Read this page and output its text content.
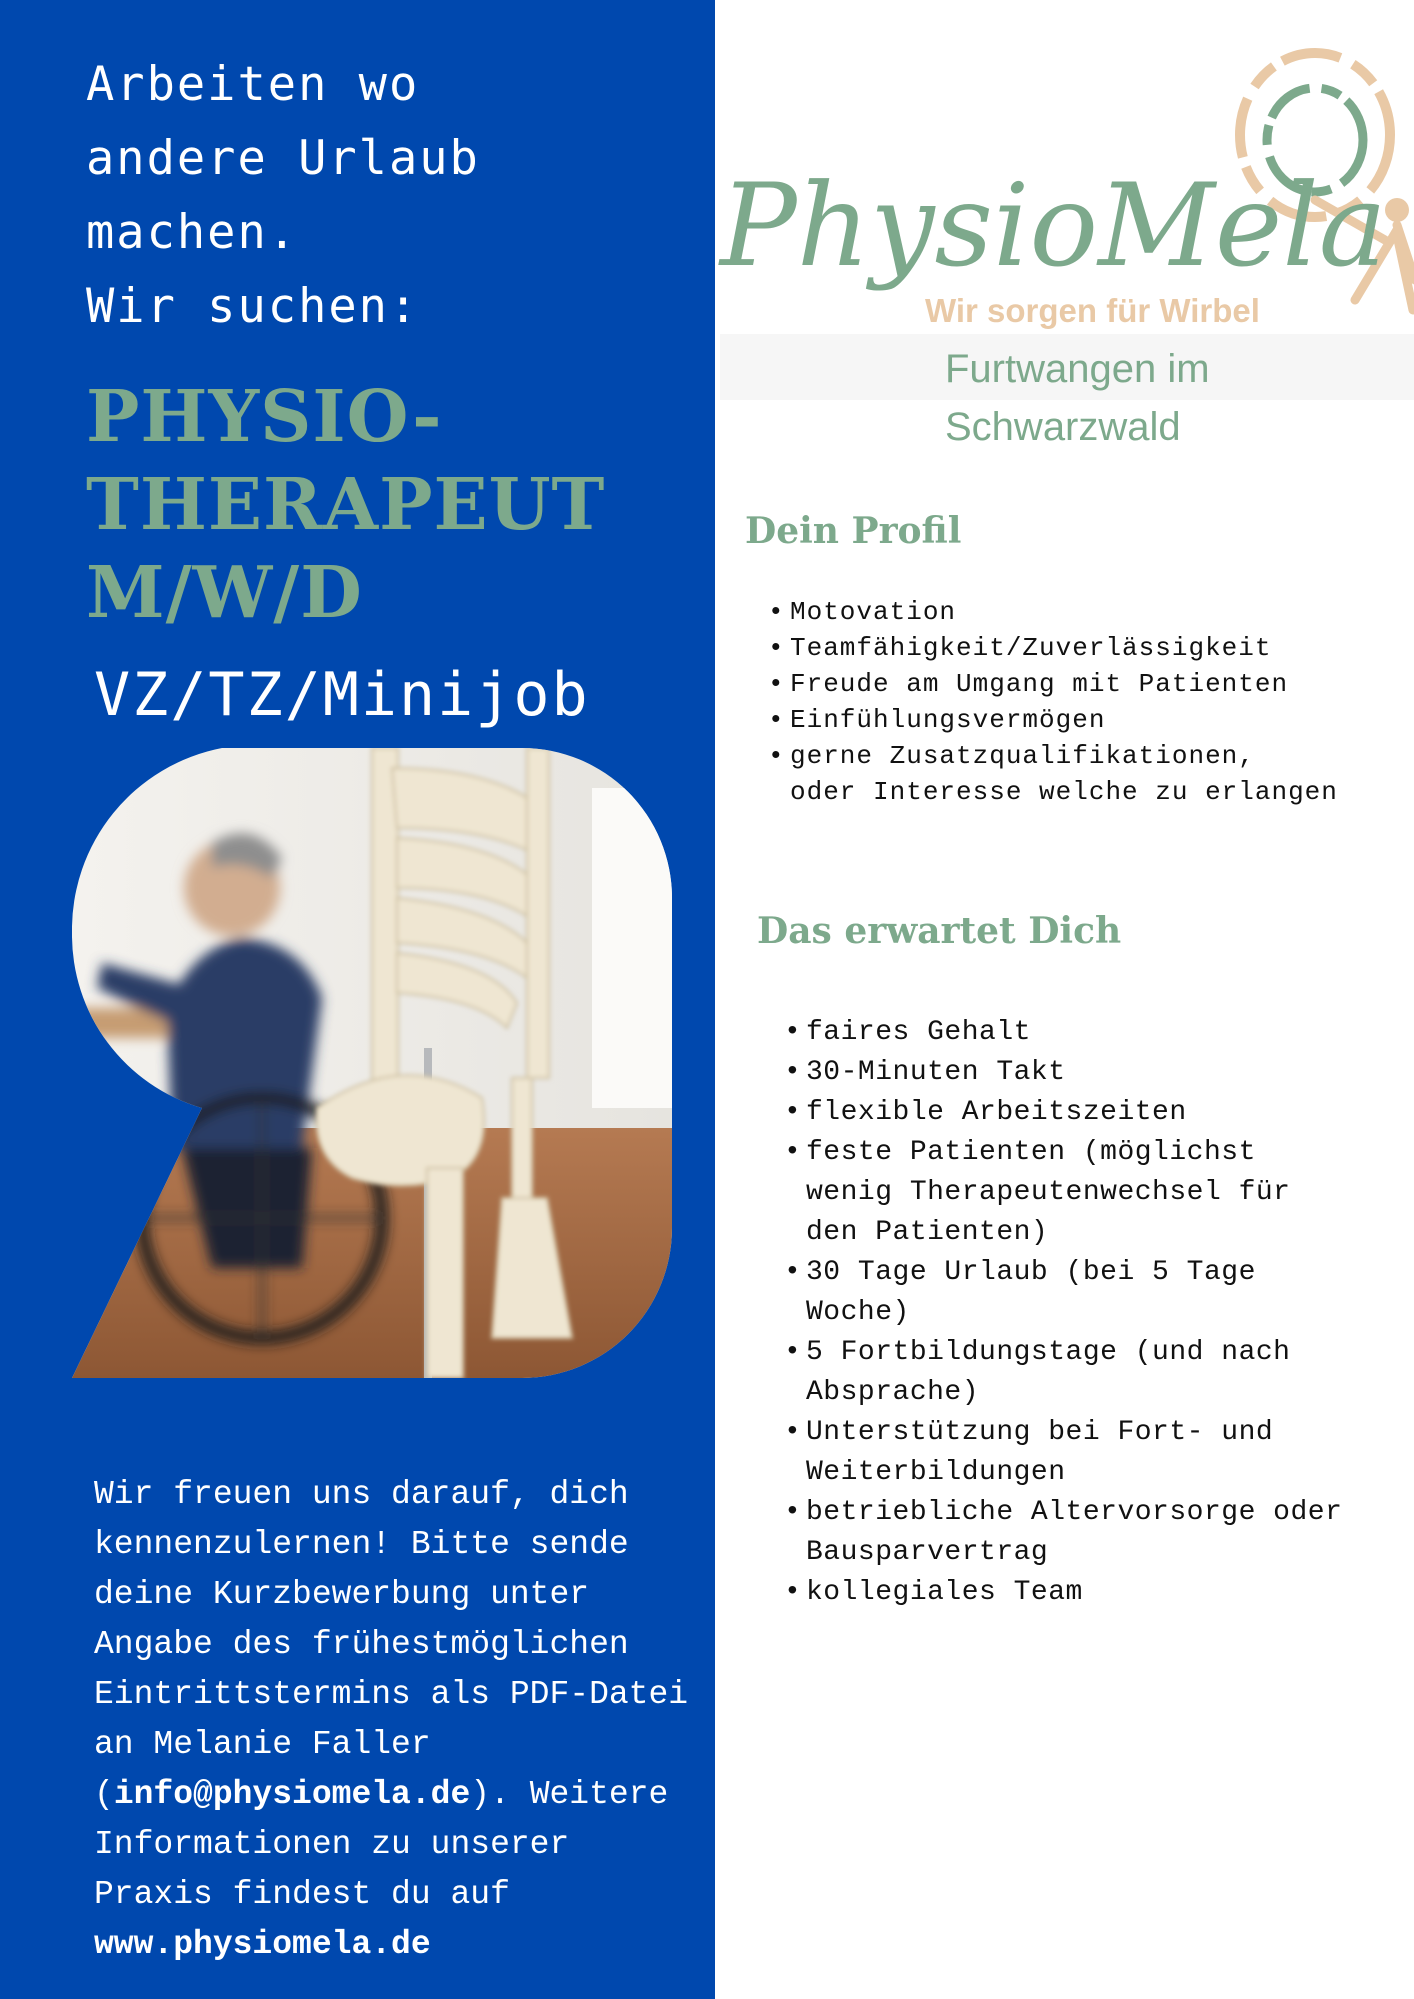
Arbeiten wo
andere Urlaub
machen.
Wir suchen:
PHYSIO-
THERAPEUT
M/W/D
VZ/TZ/Minijob
Wir freuen uns darauf, dich kennenzulernen! Bitte sende deine Kurzbewerbung unter Angabe des frühestmöglichen Eintrittstermins als PDF-Datei an Melanie Faller (info@physiomela.de). Weitere Informationen zu unserer Praxis findest du auf www.physiomela.de
PhysioMela
Wir sorgen für Wirbel
Furtwangen im
Schwarzwald
Dein Profil
• Motovation
• Teamfähigkeit/Zuverlässigkeit
• Freude am Umgang mit Patienten
• Einfühlungsvermögen
• gerne Zusatzqualifikationen,
oder Interesse welche zu erlangen
Das erwartet Dich
• faires Gehalt
• 30-Minuten Takt
• flexible Arbeitszeiten
• feste Patienten (möglichst
wenig Therapeutenwechsel für
den Patienten)
• 30 Tage Urlaub (bei 5 Tage
Woche)
• 5 Fortbildungstage (und nach
Absprache)
• Unterstützung bei Fort- und
Weiterbildungen
• betriebliche Altervorsorge oder
Bausparvertrag
• kollegiales Team
